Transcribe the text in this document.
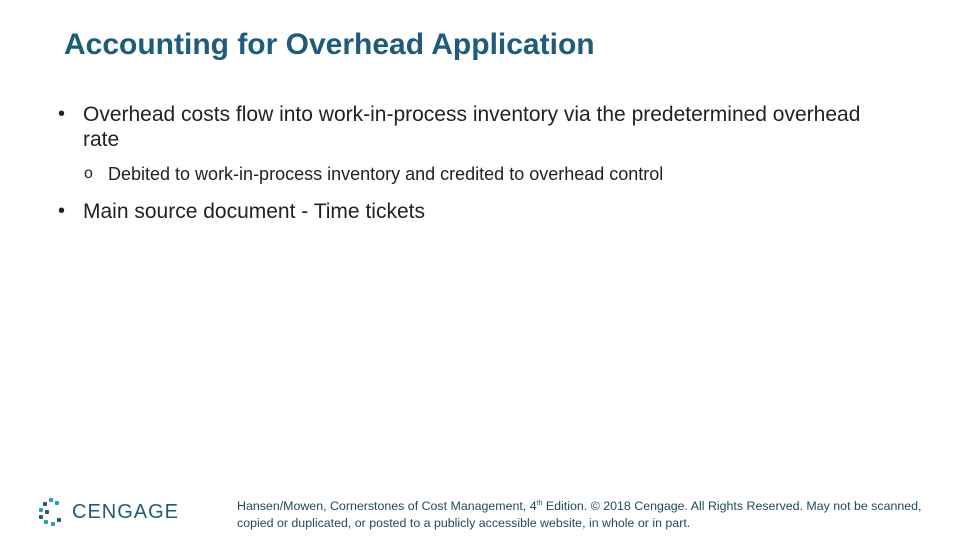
Accounting for Overhead Application
• Overhead costs flow into work-in-process inventory via the predetermined overhead rate
o Debited to work-in-process inventory and credited to overhead control
• Main source document - Time tickets
CENGAGE	Hansen/Mowen, Cornerstones of Cost Management, 4th Edition. © 2018 Cengage. All Rights Reserved. May not be scanned, copied or duplicated, or posted to a publicly accessible website, in whole or in part.
